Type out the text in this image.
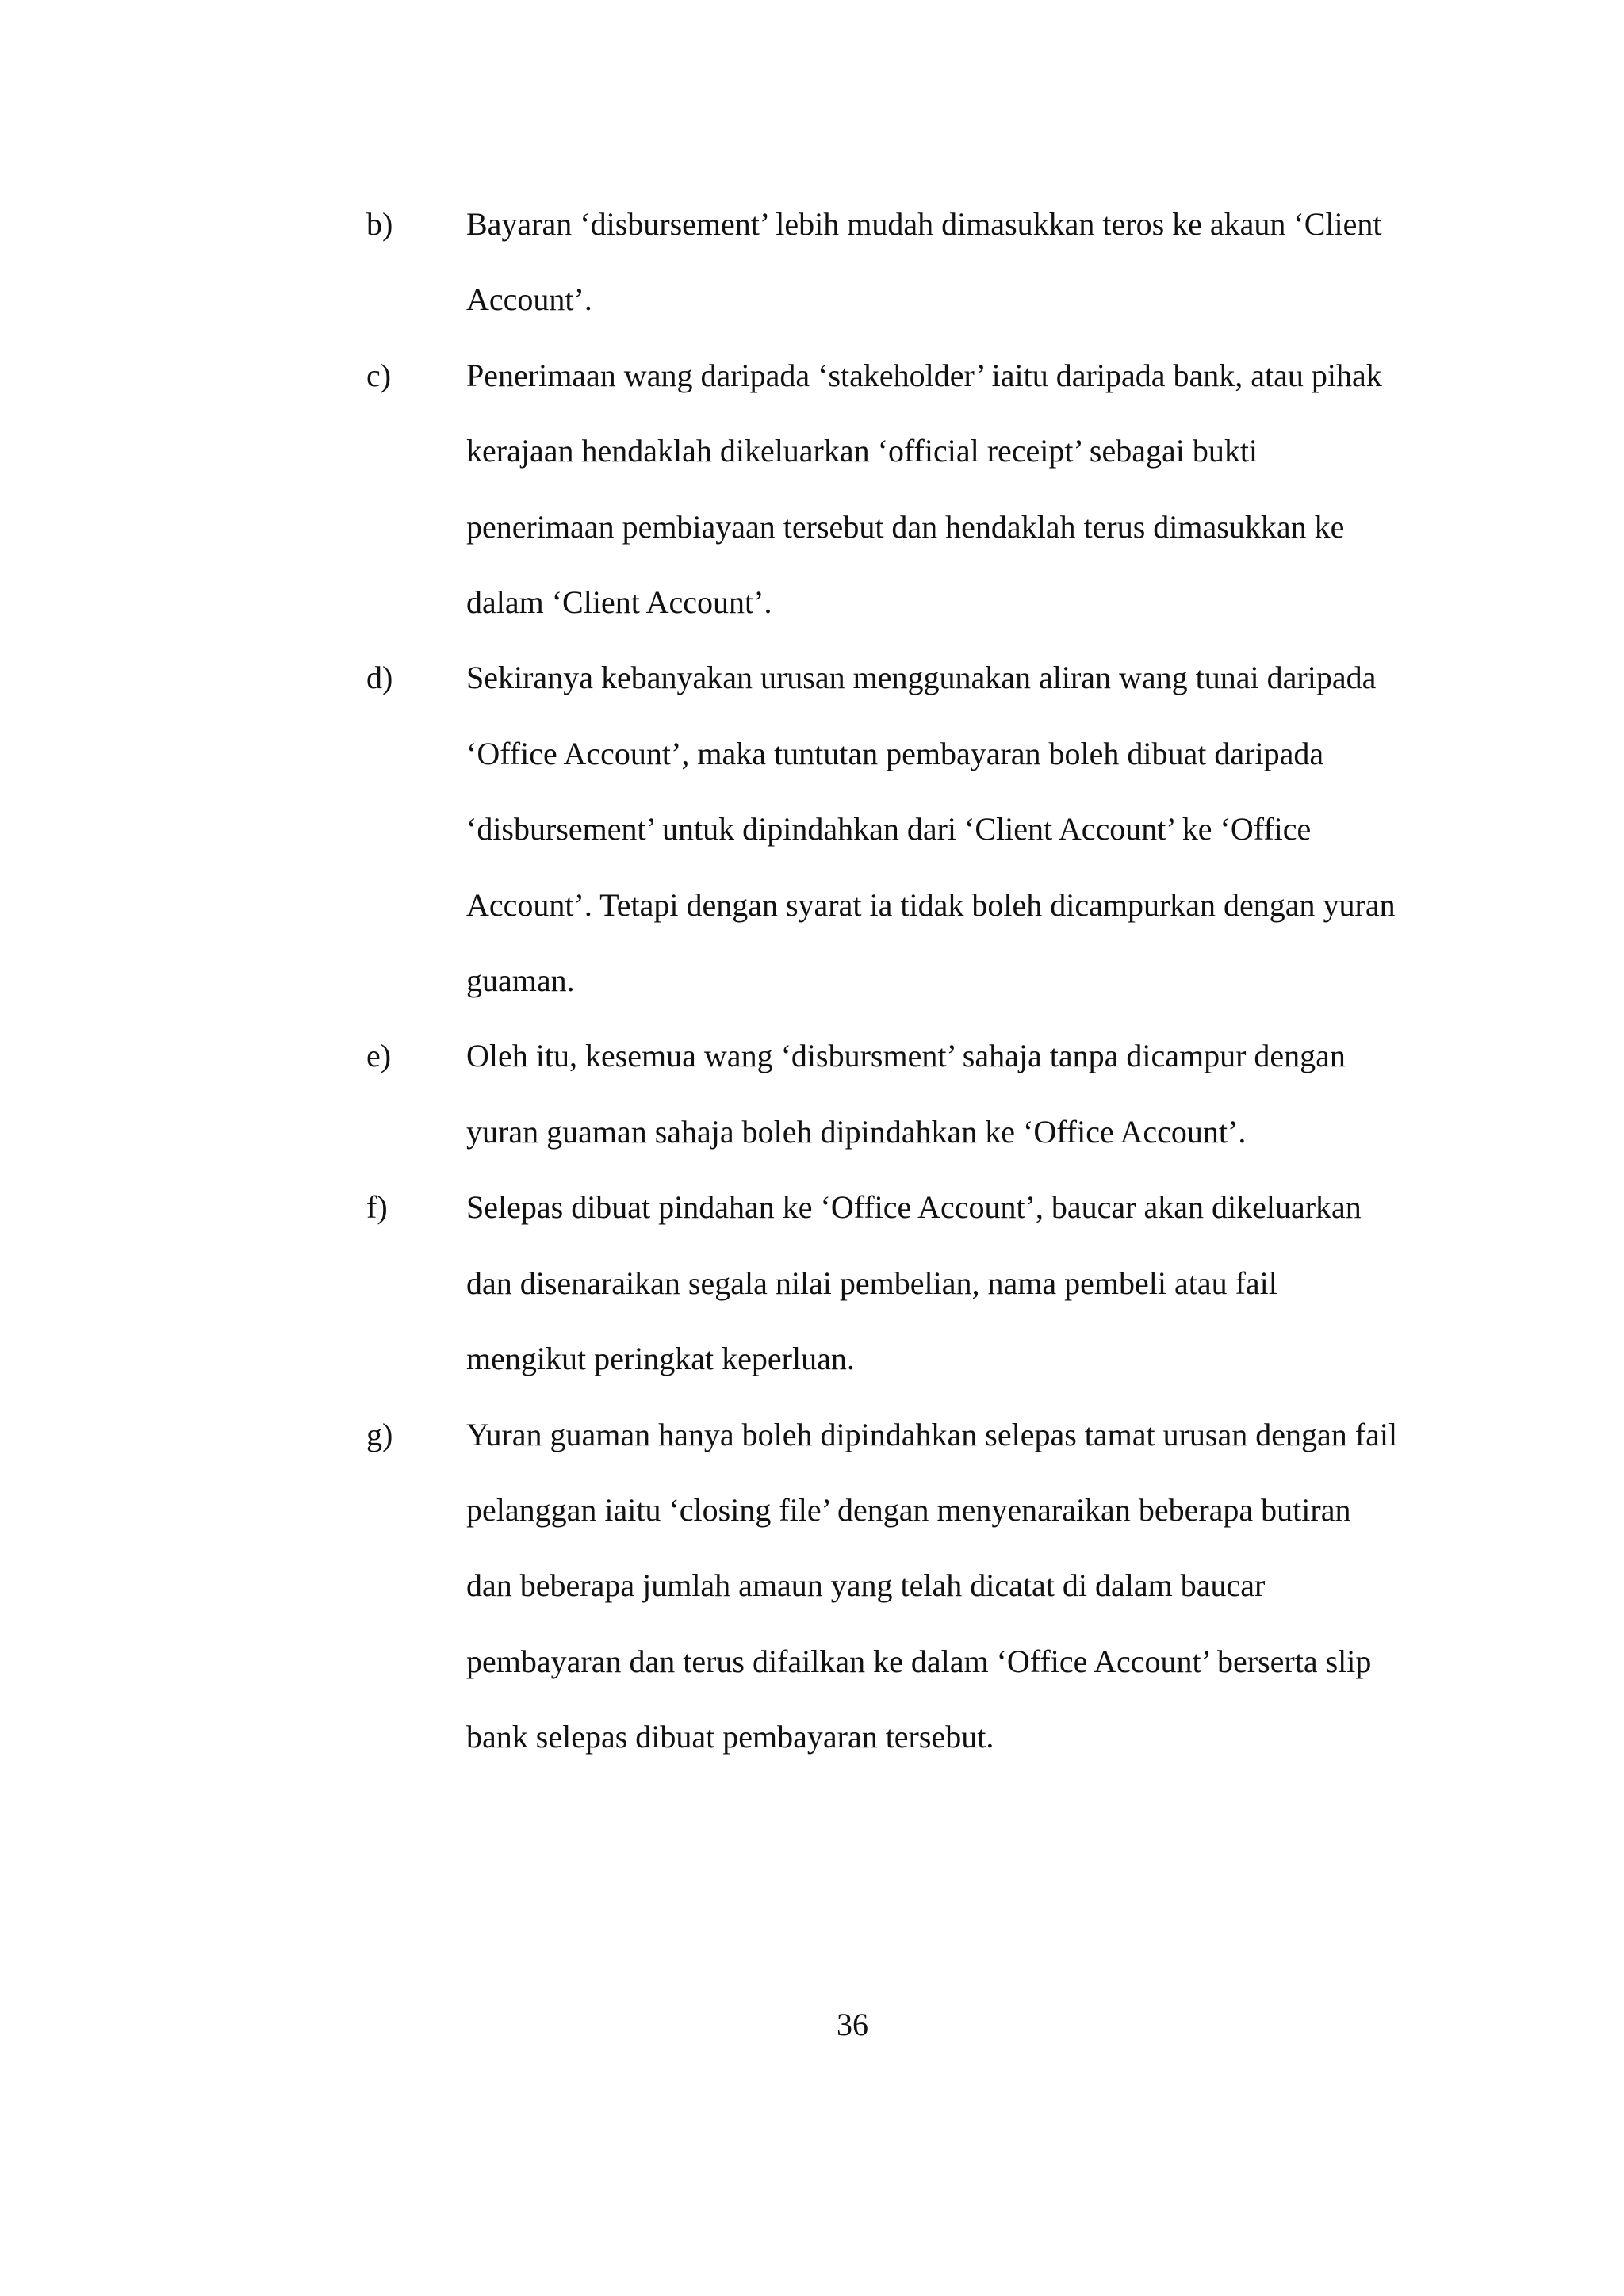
b) Bayaran ‘disbursement’ lebih mudah dimasukkan teros ke akaun ‘Client
Account’.
c) Penerimaan wang daripada ‘stakeholder’ iaitu daripada bank, atau pihak
kerajaan hendaklah dikeluarkan ‘official receipt’ sebagai bukti
penerimaan pembiayaan tersebut dan hendaklah terus dimasukkan ke
dalam ‘Client Account’.
d) Sekiranya kebanyakan urusan menggunakan aliran wang tunai daripada
‘Office Account’, maka tuntutan pembayaran boleh dibuat daripada
‘disbursement’ untuk dipindahkan dari ‘Client Account’ ke ‘Office
Account’. Tetapi dengan syarat ia tidak boleh dicampurkan dengan yuran
guaman.
e) Oleh itu, kesemua wang ‘disbursment’ sahaja tanpa dicampur dengan
yuran guaman sahaja boleh dipindahkan ke ‘Office Account’.
f) Selepas dibuat pindahan ke ‘Office Account’, baucar akan dikeluarkan
dan disenaraikan segala nilai pembelian, nama pembeli atau fail
mengikut peringkat keperluan.
g) Yuran guaman hanya boleh dipindahkan selepas tamat urusan dengan fail
pelanggan iaitu ‘closing file’ dengan menyenaraikan beberapa butiran
dan beberapa jumlah amaun yang telah dicatat di dalam baucar
pembayaran dan terus difailkan ke dalam ‘Office Account’ berserta slip
bank selepas dibuat pembayaran tersebut.
36
